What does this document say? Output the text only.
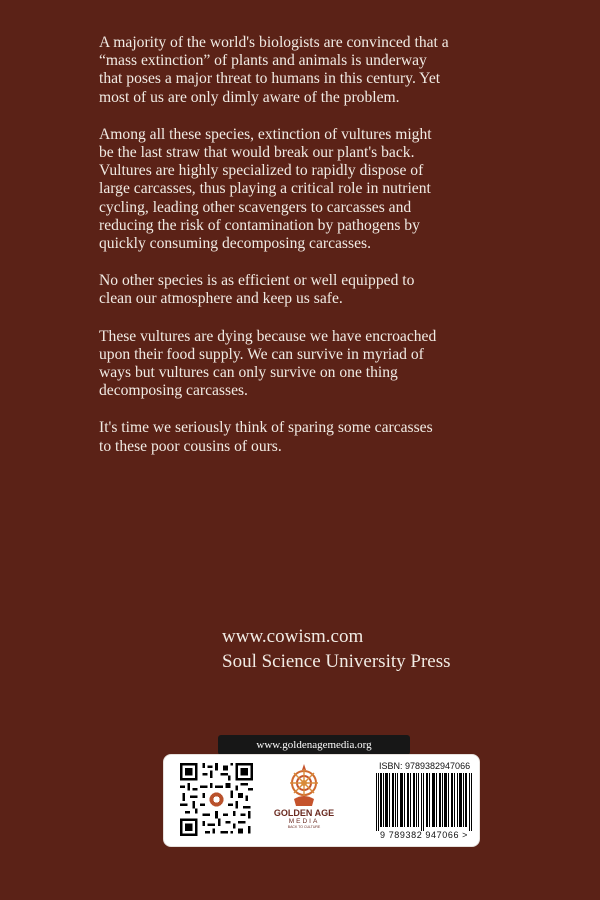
A majority of the world's biologists are convinced that a
“mass extinction” of plants and animals is underway
that poses a major threat to humans in this century. Yet
most of us are only dimly aware of the problem.

Among all these species, extinction of vultures might
be the last straw that would break our plant's back.
Vultures are highly specialized to rapidly dispose of
large carcasses, thus playing a critical role in nutrient
cycling, leading other scavengers to carcasses and
reducing the risk of contamination by pathogens by
quickly consuming decomposing carcasses.

No other species is as efficient or well equipped to
clean our atmosphere and keep us safe.

These vultures are dying because we have encroached
upon their food supply. We can survive in myriad of
ways but vultures can only survive on one thing
decomposing carcasses.

It's time we seriously think of sparing some carcasses
to these poor cousins of ours.

www.cowism.com
Soul Science University Press
www.goldenagemedia.org
GOLDEN AGE
MEDIA
BACK TO CULTURE
ISBN: 9789382947066
9 789382 947066 >
